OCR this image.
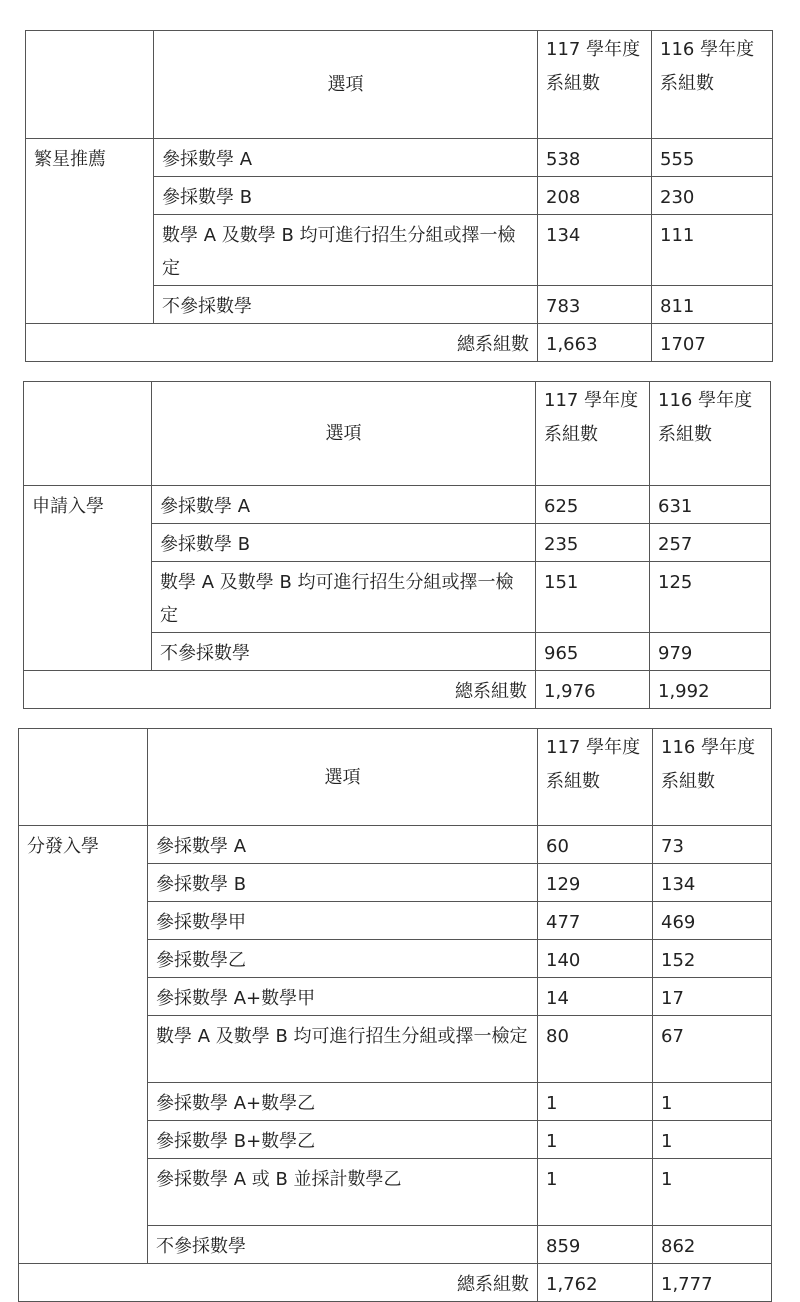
	選項	117 學年度系組數	116 學年度系組數
繁星推薦	參採數學 A	538	555
	參採數學 B	208	230
	數學 A 及數學 B 均可進行招生分組或擇一檢定	134	111
	不參採數學	783	811
總系組數		1,663	1707
	選項	117 學年度系組數	116 學年度系組數
申請入學	參採數學 A	625	631
	參採數學 B	235	257
	數學 A 及數學 B 均可進行招生分組或擇一檢定	151	125
	不參採數學	965	979
總系組數		1,976	1,992
	選項	117 學年度系組數	116 學年度系組數
分發入學	參採數學 A	60	73
	參採數學 B	129	134
	參採數學甲	477	469
	參採數學乙	140	152
	參採數學 A+數學甲	14	17
	數學 A 及數學 B 均可進行招生分組或擇一檢定	80	67
	參採數學 A+數學乙	1	1
	參採數學 B+數學乙	1	1
	參採數學 A 或 B 並採計數學乙	1	1
	不參採數學	859	862
總系組數		1,762	1,777
